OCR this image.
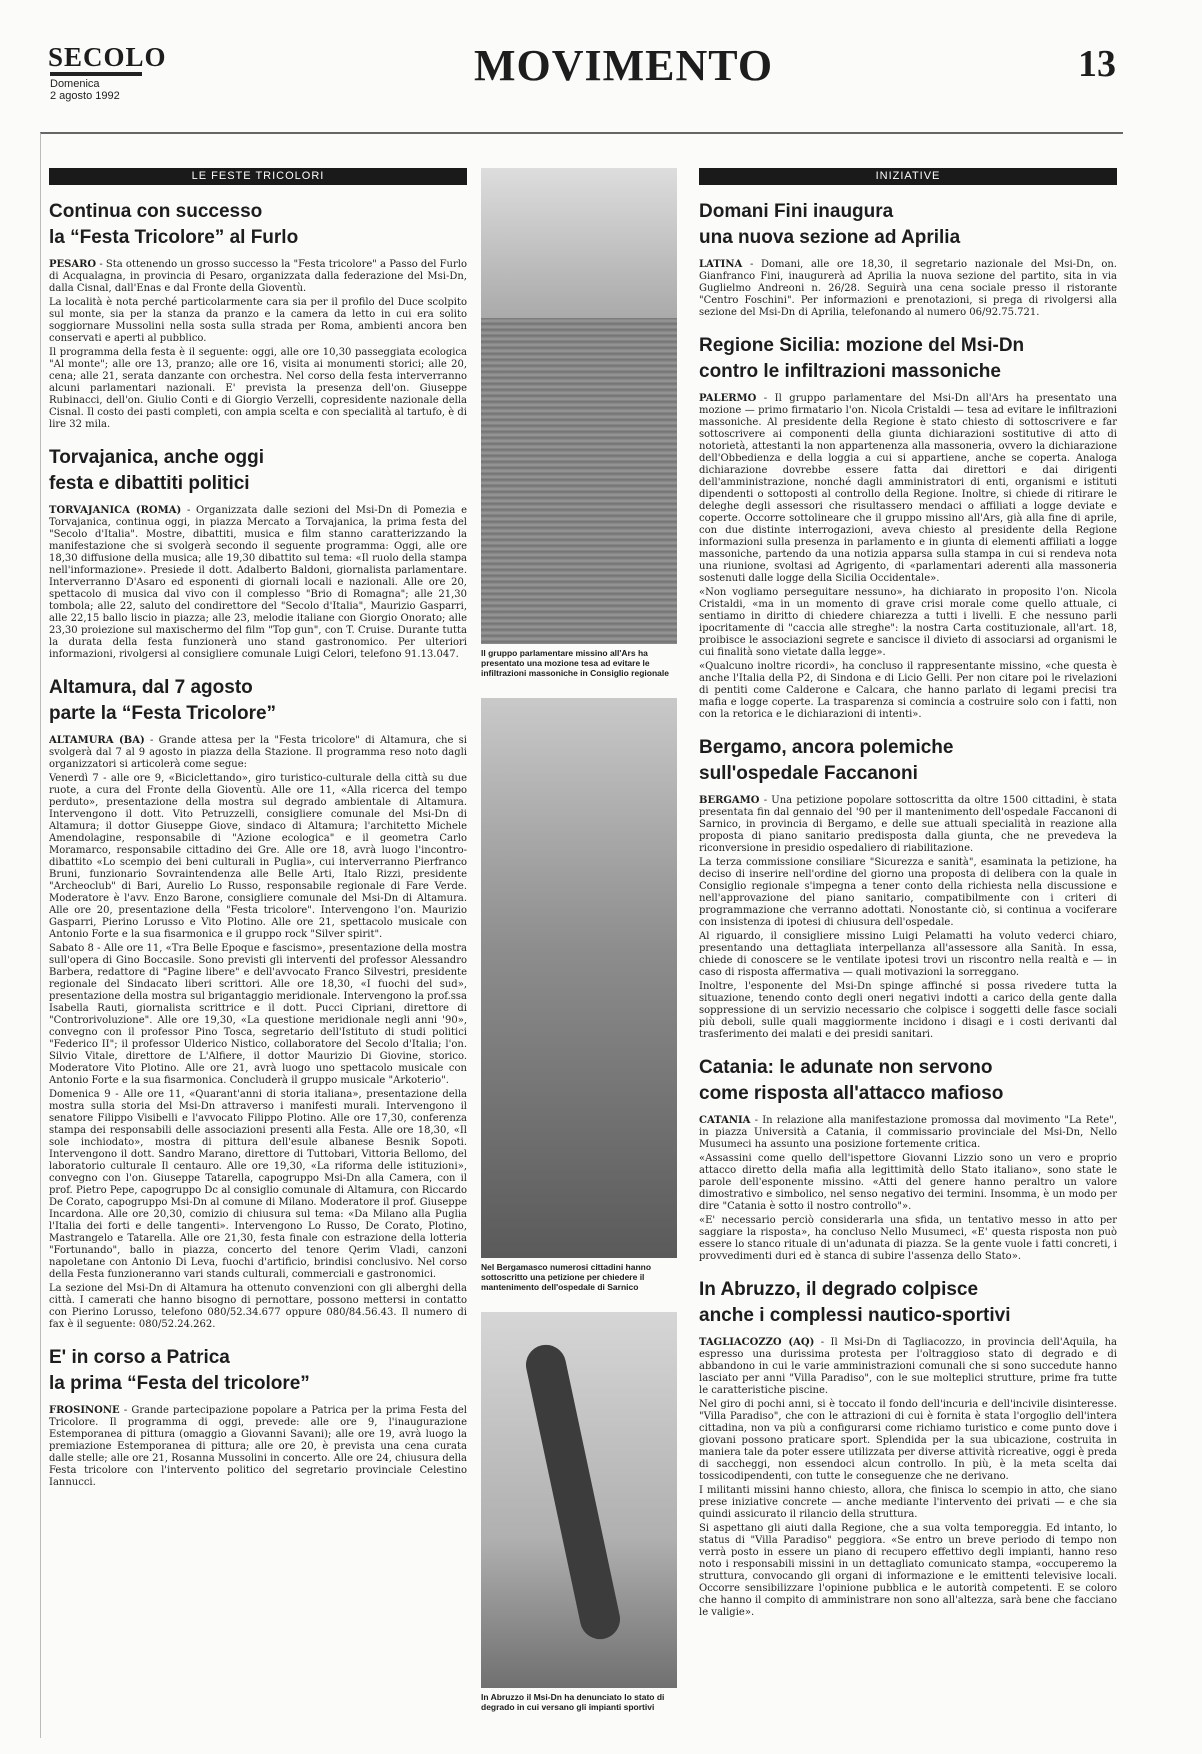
SECOLO
Domenica
2 agosto 1992
MOVIMENTO	13
LE FESTE TRICOLORI
Continua con successo
la “Festa Tricolore” al Furlo

PESARO - Sta ottenendo un grosso successo la "Festa tricolore" a Passo del Furlo di Acqualagna, in provincia di Pesaro, organizzata dalla federazione del Msi-Dn, dalla Cisnal, dall'Enas e dal Fronte della Gioventù.

La località è nota perché particolarmente cara sia per il profilo del Duce scolpito sul monte, sia per la stanza da pranzo e la camera da letto in cui era solito soggiornare Mussolini nella sosta sulla strada per Roma, ambienti ancora ben conservati e aperti al pubblico.

Il programma della festa è il seguente: oggi, alle ore 10,30 passeggiata ecologica "Al monte"; alle ore 13, pranzo; alle ore 16, visita ai monumenti storici; alle 20, cena; alle 21, serata danzante con orchestra. Nel corso della festa interverranno alcuni parlamentari nazionali. E' prevista la presenza dell'on. Giuseppe Rubinacci, dell'on. Giulio Conti e di Giorgio Verzelli, copresidente nazionale della Cisnal. Il costo dei pasti completi, con ampia scelta e con specialità al tartufo, è di lire 32 mila.

Torvajanica, anche oggi
festa e dibattiti politici

TORVAJANICA (ROMA) - Organizzata dalle sezioni del Msi-Dn di Pomezia e Torvajanica, continua oggi, in piazza Mercato a Torvajanica, la prima festa del "Secolo d'Italia". Mostre, dibattiti, musica e film stanno caratterizzando la manifestazione che si svolgerà secondo il seguente programma: Oggi, alle ore 18,30 diffusione della musica; alle 19,30 dibattito sul tema: «Il ruolo della stampa nell'informazione». Presiede il dott. Adalberto Baldoni, giornalista parlamentare. Interverranno D'Asaro ed esponenti di giornali locali e nazionali. Alle ore 20, spettacolo di musica dal vivo con il complesso "Brio di Romagna"; alle 21,30 tombola; alle 22, saluto del condirettore del "Secolo d'Italia", Maurizio Gasparri, alle 22,15 ballo liscio in piazza; alle 23, melodie italiane con Giorgio Onorato; alle 23,30 proiezione sul maxischermo del film "Top gun", con T. Cruise. Durante tutta la durata della festa funzionerà uno stand gastronomico. Per ulteriori informazioni, rivolgersi al consigliere comunale Luigi Celori, telefono 91.13.047.

Altamura, dal 7 agosto
parte la “Festa Tricolore”

ALTAMURA (BA) - Grande attesa per la "Festa tricolore" di Altamura, che si svolgerà dal 7 al 9 agosto in piazza della Stazione. Il programma reso noto dagli organizzatori si articolerà come segue:

Venerdì 7 - alle ore 9, «Biciclettando», giro turistico-culturale della città su due ruote, a cura del Fronte della Gioventù. Alle ore 11, «Alla ricerca del tempo perduto», presentazione della mostra sul degrado ambientale di Altamura. Intervengono il dott. Vito Petruzzelli, consigliere comunale del Msi-Dn di Altamura; il dottor Giuseppe Giove, sindaco di Altamura; l'architetto Michele Amendolagine, responsabile di "Azione ecologica" e il geometra Carlo Moramarco, responsabile cittadino dei Gre. Alle ore 18, avrà luogo l'incontro-dibattito «Lo scempio dei beni culturali in Puglia», cui interverranno Pierfranco Bruni, funzionario Sovraintendenza alle Belle Arti, Italo Rizzi, presidente "Archeoclub" di Bari, Aurelio Lo Russo, responsabile regionale di Fare Verde. Moderatore è l'avv. Enzo Barone, consigliere comunale del Msi-Dn di Altamura. Alle ore 20, presentazione della "Festa tricolore". Intervengono l'on. Maurizio Gasparri, Pierino Lorusso e Vito Plotino. Alle ore 21, spettacolo musicale con Antonio Forte e la sua fisarmonica e il gruppo rock "Silver spirit".

Sabato 8 - Alle ore 11, «Tra Belle Epoque e fascismo», presentazione della mostra sull'opera di Gino Boccasile. Sono previsti gli interventi del professor Alessandro Barbera, redattore di "Pagine libere" e dell'avvocato Franco Silvestri, presidente regionale del Sindacato liberi scrittori. Alle ore 18,30, «I fuochi del sud», presentazione della mostra sul brigantaggio meridionale. Intervengono la prof.ssa Isabella Rauti, giornalista scrittrice e il dott. Pucci Cipriani, direttore di "Controrivoluzione". Alle ore 19,30, «La questione meridionale negli anni '90», convegno con il professor Pino Tosca, segretario dell'Istituto di studi politici "Federico II"; il professor Ulderico Nistico, collaboratore del Secolo d'Italia; l'on. Silvio Vitale, direttore de L'Alfiere, il dottor Maurizio Di Giovine, storico. Moderatore Vito Plotino. Alle ore 21, avrà luogo uno spettacolo musicale con Antonio Forte e la sua fisarmonica. Concluderà il gruppo musicale "Arkoterio".

Domenica 9 - Alle ore 11, «Quarant'anni di storia italiana», presentazione della mostra sulla storia del Msi-Dn attraverso i manifesti murali. Intervengono il senatore Filippo Visibelli e l'avvocato Filippo Plotino. Alle ore 17,30, conferenza stampa dei responsabili delle associazioni presenti alla Festa. Alle ore 18,30, «Il sole inchiodato», mostra di pittura dell'esule albanese Besnik Sopoti. Intervengono il dott. Sandro Marano, direttore di Tuttobari, Vittoria Bellomo, del laboratorio culturale Il centauro. Alle ore 19,30, «La riforma delle istituzioni», convegno con l'on. Giuseppe Tatarella, capogruppo Msi-Dn alla Camera, con il prof. Pietro Pepe, capogruppo Dc al consiglio comunale di Altamura, con Riccardo De Corato, capogruppo Msi-Dn al comune di Milano. Moderatore il prof. Giuseppe Incardona. Alle ore 20,30, comizio di chiusura sul tema: «Da Milano alla Puglia l'Italia dei forti e delle tangenti». Intervengono Lo Russo, De Corato, Plotino, Mastrangelo e Tatarella. Alle ore 21,30, festa finale con estrazione della lotteria "Fortunando", ballo in piazza, concerto del tenore Qerim Vladi, canzoni napoletane con Antonio Di Leva, fuochi d'artificio, brindisi conclusivo. Nel corso della Festa funzioneranno vari stands culturali, commerciali e gastronomici.

La sezione del Msi-Dn di Altamura ha ottenuto convenzioni con gli alberghi della città. I camerati che hanno bisogno di pernottare, possono mettersi in contatto con Pierino Lorusso, telefono 080/52.34.677 oppure 080/84.56.43. Il numero di fax è il seguente: 080/52.24.262.

E' in corso a Patrica
la prima “Festa del tricolore”

FROSINONE - Grande partecipazione popolare a Patrica per la prima Festa del Tricolore. Il programma di oggi, prevede: alle ore 9, l'inaugurazione Estemporanea di pittura (omaggio a Giovanni Savani); alle ore 19, avrà luogo la premiazione Estemporanea di pittura; alle ore 20, è prevista una cena curata dalle stelle; alle ore 21, Rosanna Mussolini in concerto. Alle ore 24, chiusura della Festa tricolore con l'intervento politico del segretario provinciale Celestino Iannucci.

Il gruppo parlamentare missino all'Ars ha presentato una mozione tesa ad evitare le infiltrazioni massoniche in Consiglio regionale
Nel Bergamasco numerosi cittadini hanno sottoscritto una petizione per chiedere il mantenimento dell'ospedale di Sarnico
In Abruzzo il Msi-Dn ha denunciato lo stato di degrado in cui versano gli impianti sportivi
INIZIATIVE
Domani Fini inaugura
una nuova sezione ad Aprilia

LATINA - Domani, alle ore 18,30, il segretario nazionale del Msi-Dn, on. Gianfranco Fini, inaugurerà ad Aprilia la nuova sezione del partito, sita in via Guglielmo Andreoni n. 26/28. Seguirà una cena sociale presso il ristorante "Centro Foschini". Per informazioni e prenotazioni, si prega di rivolgersi alla sezione del Msi-Dn di Aprilia, telefonando al numero 06/92.75.721.

Regione Sicilia: mozione del Msi-Dn
contro le infiltrazioni massoniche

PALERMO - Il gruppo parlamentare del Msi-Dn all'Ars ha presentato una mozione — primo firmatario l'on. Nicola Cristaldi — tesa ad evitare le infiltrazioni massoniche. Al presidente della Regione è stato chiesto di sottoscrivere e far sottoscrivere ai componenti della giunta dichiarazioni sostitutive di atto di notorietà, attestanti la non appartenenza alla massoneria, ovvero la dichiarazione dell'Obbedienza e della loggia a cui si appartiene, anche se coperta. Analoga dichiarazione dovrebbe essere fatta dai direttori e dai dirigenti dell'amministrazione, nonché dagli amministratori di enti, organismi e istituti dipendenti o sottoposti al controllo della Regione. Inoltre, si chiede di ritirare le deleghe degli assessori che risultassero mendaci o affiliati a logge deviate e coperte. Occorre sottolineare che il gruppo missino all'Ars, già alla fine di aprile, con due distinte interrogazioni, aveva chiesto al presidente della Regione informazioni sulla presenza in parlamento e in giunta di elementi affiliati a logge massoniche, partendo da una notizia apparsa sulla stampa in cui si rendeva nota una riunione, svoltasi ad Agrigento, di «parlamentari aderenti alla massoneria sostenuti dalle logge della Sicilia Occidentale».

«Non vogliamo perseguitare nessuno», ha dichiarato in proposito l'on. Nicola Cristaldi, «ma in un momento di grave crisi morale come quello attuale, ci sentiamo in diritto di chiedere chiarezza a tutti i livelli. E che nessuno parli ipocritamente di "caccia alle streghe": la nostra Carta costituzionale, all'art. 18, proibisce le associazioni segrete e sancisce il divieto di associarsi ad organismi le cui finalità sono vietate dalla legge».

«Qualcuno inoltre ricordi», ha concluso il rappresentante missino, «che questa è anche l'Italia della P2, di Sindona e di Licio Gelli. Per non citare poi le rivelazioni di pentiti come Calderone e Calcara, che hanno parlato di legami precisi tra mafia e logge coperte. La trasparenza si comincia a costruire solo con i fatti, non con la retorica e le dichiarazioni di intenti».

Bergamo, ancora polemiche
sull'ospedale Faccanoni

BERGAMO - Una petizione popolare sottoscritta da oltre 1500 cittadini, è stata presentata fin dal gennaio del '90 per il mantenimento dell'ospedale Faccanoni di Sarnico, in provincia di Bergamo, e delle sue attuali specialità in reazione alla proposta di piano sanitario predisposta dalla giunta, che ne prevedeva la riconversione in presidio ospedaliero di riabilitazione.

La terza commissione consiliare "Sicurezza e sanità", esaminata la petizione, ha deciso di inserire nell'ordine del giorno una proposta di delibera con la quale in Consiglio regionale s'impegna a tener conto della richiesta nella discussione e nell'approvazione del piano sanitario, compatibilmente con i criteri di programmazione che verranno adottati. Nonostante ciò, si continua a vociferare con insistenza di ipotesi di chiusura dell'ospedale.

Al riguardo, il consigliere missino Luigi Pelamatti ha voluto vederci chiaro, presentando una dettagliata interpellanza all'assessore alla Sanità. In essa, chiede di conoscere se le ventilate ipotesi trovi un riscontro nella realtà e — in caso di risposta affermativa — quali motivazioni la sorreggano.

Inoltre, l'esponente del Msi-Dn spinge affinché si possa rivedere tutta la situazione, tenendo conto degli oneri negativi indotti a carico della gente dalla soppressione di un servizio necessario che colpisce i soggetti delle fasce sociali più deboli, sulle quali maggiormente incidono i disagi e i costi derivanti dal trasferimento dei malati e dei presidi sanitari.

Catania: le adunate non servono
come risposta all'attacco mafioso

CATANIA - In relazione alla manifestazione promossa dal movimento "La Rete", in piazza Università a Catania, il commissario provinciale del Msi-Dn, Nello Musumeci ha assunto una posizione fortemente critica.

«Assassini come quello dell'ispettore Giovanni Lizzio sono un vero e proprio attacco diretto della mafia alla legittimità dello Stato italiano», sono state le parole dell'esponente missino. «Atti del genere hanno peraltro un valore dimostrativo e simbolico, nel senso negativo dei termini. Insomma, è un modo per dire "Catania è sotto il nostro controllo"».

«E' necessario perciò considerarla una sfida, un tentativo messo in atto per saggiare la risposta», ha concluso Nello Musumeci, «E' questa risposta non può essere lo stanco rituale di un'adunata di piazza. Se la gente vuole i fatti concreti, i provvedimenti duri ed è stanca di subire l'assenza dello Stato».

In Abruzzo, il degrado colpisce
anche i complessi nautico-sportivi

TAGLIACOZZO (AQ) - Il Msi-Dn di Tagliacozzo, in provincia dell'Aquila, ha espresso una durissima protesta per l'oltraggioso stato di degrado e di abbandono in cui le varie amministrazioni comunali che si sono succedute hanno lasciato per anni "Villa Paradiso", con le sue molteplici strutture, prime fra tutte le caratteristiche piscine.

Nel giro di pochi anni, si è toccato il fondo dell'incuria e dell'incivile disinteresse. "Villa Paradiso", che con le attrazioni di cui è fornita è stata l'orgoglio dell'intera cittadina, non va più a configurarsi come richiamo turistico e come punto dove i giovani possono praticare sport. Splendida per la sua ubicazione, costruita in maniera tale da poter essere utilizzata per diverse attività ricreative, oggi è preda di saccheggi, non essendoci alcun controllo. In più, è la meta scelta dai tossicodipendenti, con tutte le conseguenze che ne derivano.

I militanti missini hanno chiesto, allora, che finisca lo scempio in atto, che siano prese iniziative concrete — anche mediante l'intervento dei privati — e che sia quindi assicurato il rilancio della struttura.

Si aspettano gli aiuti dalla Regione, che a sua volta temporeggia. Ed intanto, lo status di "Villa Paradiso" peggiora. «Se entro un breve periodo di tempo non verrà posto in essere un piano di recupero effettivo degli impianti, hanno reso noto i responsabili missini in un dettagliato comunicato stampa, «occuperemo la struttura, convocando gli organi di informazione e le emittenti televisive locali. Occorre sensibilizzare l'opinione pubblica e le autorità competenti. E se coloro che hanno il compito di amministrare non sono all'altezza, sarà bene che facciano le valigie».
